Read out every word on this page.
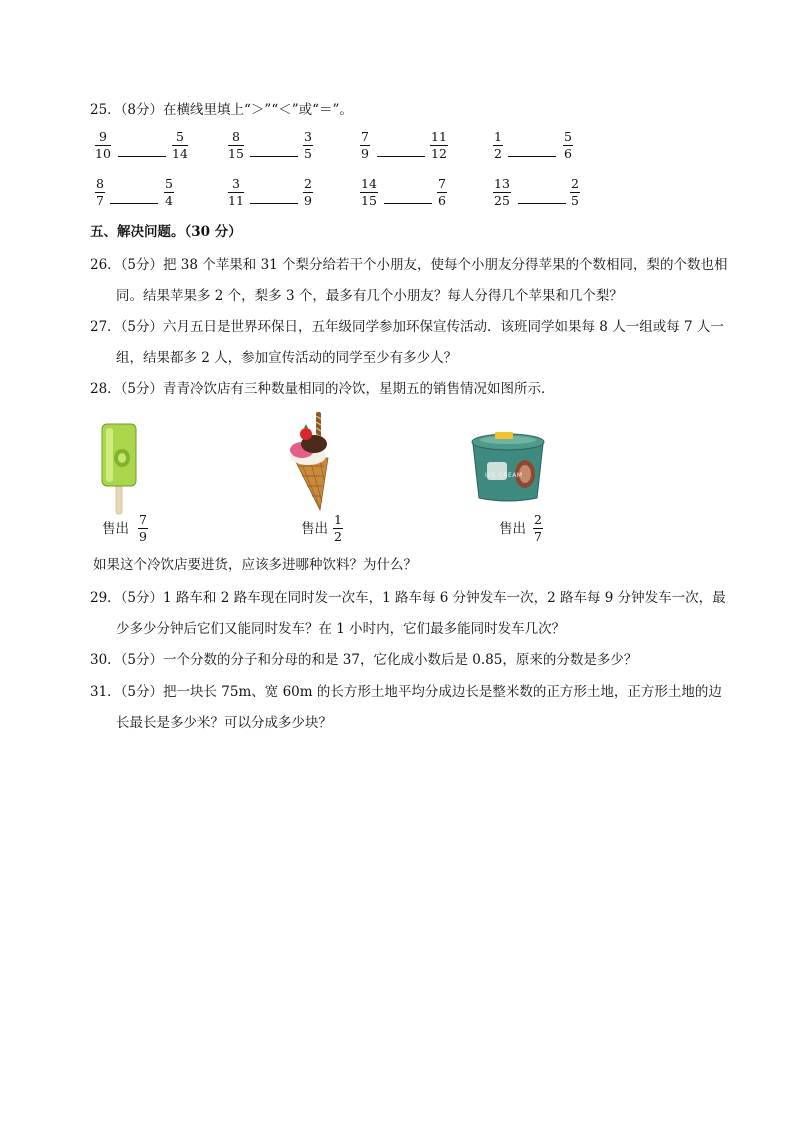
25．（8分）在横线里填上“＞”“＜”或“＝”。
9
10
5
14
8
15
3
5
7
9
11
12
1
2
5
6
8
7
5
4
3
11
2
9
14
15
7
6
13
25
2
5
五、解决问题。（30 分）
26．（5分）把 38 个苹果和 31 个梨分给若干个小朋友，使每个小朋友分得苹果的个数相同，梨的个数也相
同。结果苹果多 2 个，梨多 3 个，最多有几个小朋友？每人分得几个苹果和几个梨？
27．（5分）六月五日是世界环保日，五年级同学参加环保宣传活动．该班同学如果每 8 人一组或每 7 人一
组，结果都多 2 人，参加宣传活动的同学至少有多少人？
28．（5分）青青冷饮店有三种数量相同的冷饮，星期五的销售情况如图所示．
售出
7
9	售出
1
2
ICE CREAM
售出
2
7
如果这个冷饮店要进货，应该多进哪种饮料？为什么？
29．（5分）1 路车和 2 路车现在同时发一次车，1 路车每 6 分钟发车一次，2 路车每 9 分钟发车一次，最
少多少分钟后它们又能同时发车？在 1 小时内，它们最多能同时发车几次？
30．（5分）一个分数的分子和分母的和是 37，它化成小数后是 0.85，原来的分数是多少？
31．（5分）把一块长 75m、宽 60m 的长方形土地平均分成边长是整米数的正方形土地，正方形土地的边
长最长是多少米？可以分成多少块？
